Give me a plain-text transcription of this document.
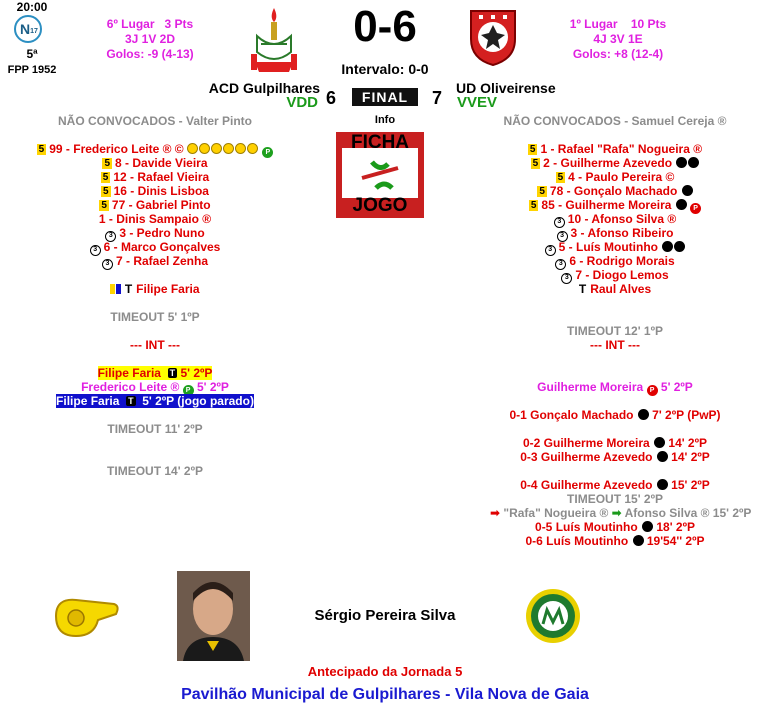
20:00
N 17
5ª
FPP 1952
6º Lugar 3 Pts
3J 1V 2D
Golos: -9 (4-13)
0-6	1º Lugar 10 Pts
4J 3V 1E
Golos: +8 (12-4)
Intervalo: 0-0
ACD Gulpilhares	UD Oliveirense
VDD 6	FINAL	7 VVEV
Info
FICHA
JOGO
NÃO CONVOCADOS - Valter Pinto
5 99 - Frederico Leite ® ©	P
5 8 - Davide Vieira
5 12 - Rafael Vieira
5 16 - Dinis Lisboa
5 77 - Gabriel Pinto
1 - Dinis Sampaio ®
3 3 - Pedro Nuno
3 6 - Marco Gonçalves
3 7 - Rafael Zenha
T Filipe Faria
TIMEOUT 5' 1ºP
--- INT ---
Filipe Faria T 5' 2ºP
Frederico Leite ® P 5' 2ºP
Filipe Faria T 5' 2ºP (jogo parado)
TIMEOUT 11' 2ºP
TIMEOUT 14' 2ºP
NÃO CONVOCADOS - Samuel Cereja ®
5 1 - Rafael "Rafa" Nogueira ®
5 2 - Guilherme Azevedo
5 4 - Paulo Pereira ©
5 78 - Gonçalo Machado
5 85 - Guilherme Moreira	P
3 10 - Afonso Silva ®
3 3 - Afonso Ribeiro
3 5 - Luís Moutinho
3 6 - Rodrigo Morais
3 7 - Diogo Lemos
T Raul Alves
TIMEOUT 12' 1ºP
--- INT ---
Guilherme Moreira P 5' 2ºP
0-1 Gonçalo Machado 7' 2ºP (PwP)
0-2 Guilherme Moreira 14' 2ºP
0-3 Guilherme Azevedo 14' 2ºP
0-4 Guilherme Azevedo 15' 2ºP
TIMEOUT 15' 2ºP
➡ "Rafa" Nogueira ® ➡ Afonso Silva ® 15' 2ºP
0-5 Luís Moutinho 18' 2ºP
0-6 Luís Moutinho 19'54'' 2ºP
Sérgio Pereira Silva
Antecipado da Jornada 5
Pavilhão Municipal de Gulpilhares - Vila Nova de Gaia
